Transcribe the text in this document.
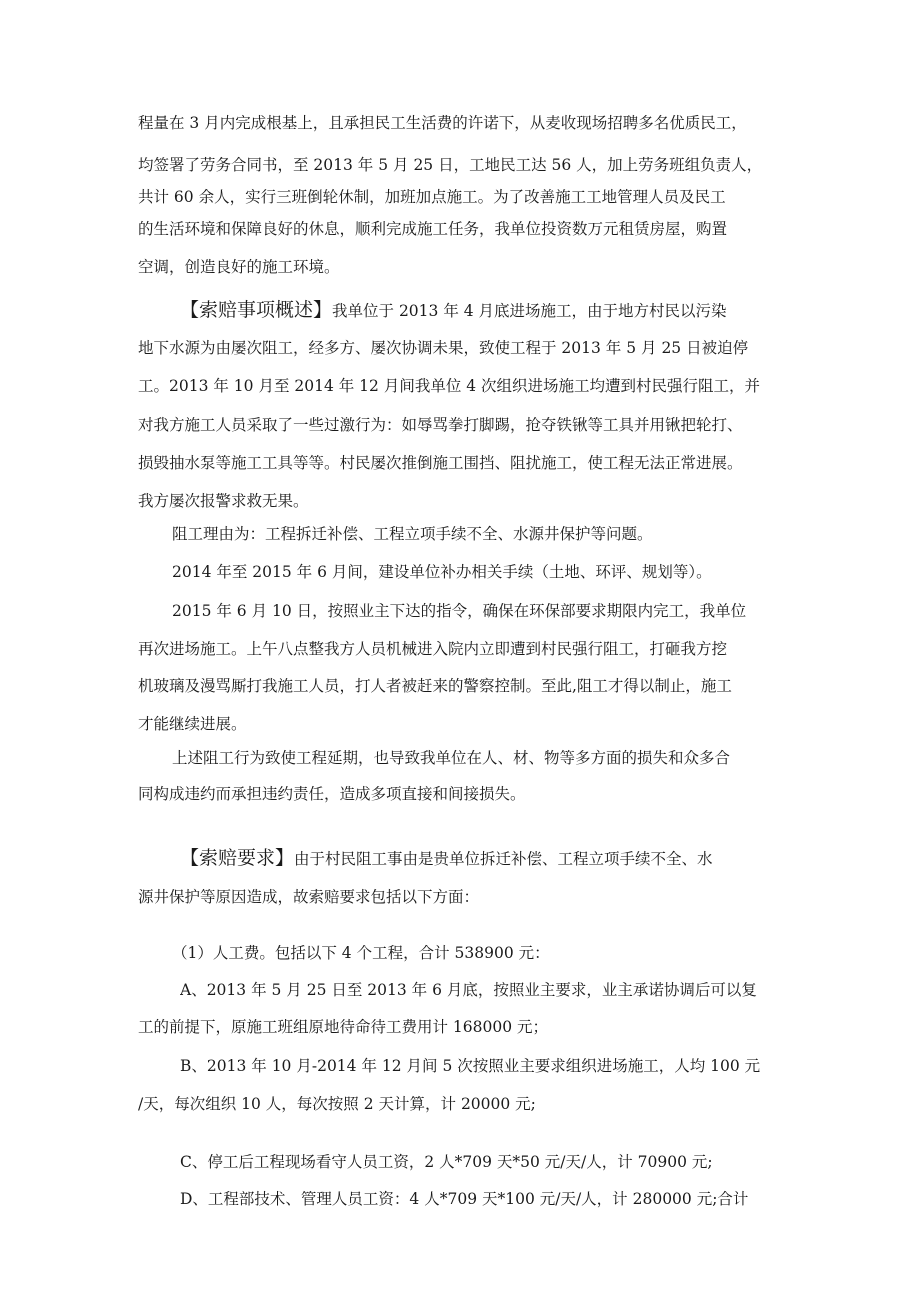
程量在 3 月内完成根基上，且承担民工生活费的许诺下，从麦收现场招聘多名优质民工，
均签署了劳务合同书，至 2013 年 5 月 25 日，工地民工达 56 人，加上劳务班组负责人，
共计 60 余人，实行三班倒轮休制，加班加点施工。为了改善施工工地管理人员及民工
的生活环境和保障良好的休息，顺利完成施工任务，我单位投资数万元租赁房屋，购置
空调，创造良好的施工环境。
【索赔事项概述】我单位于 2013 年 4 月底进场施工，由于地方村民以污染
地下水源为由屡次阻工，经多方、屡次协调未果，致使工程于 2013 年 5 月 25 日被迫停
工。2013 年 10 月至 2014 年 12 月间我单位 4 次组织进场施工均遭到村民强行阻工，并
对我方施工人员采取了一些过激行为：如辱骂拳打脚踢，抢夺铁锹等工具并用锹把轮打、
损毁抽水泵等施工工具等等。村民屡次推倒施工围挡、阻扰施工，使工程无法正常进展。
我方屡次报警求救无果。
阻工理由为：工程拆迁补偿、工程立项手续不全、水源井保护等问题。
2014 年至 2015 年 6 月间，建设单位补办相关手续（土地、环评、规划等）。
2015 年 6 月 10 日，按照业主下达的指令，确保在环保部要求期限内完工，我单位
再次进场施工。上午八点整我方人员机械进入院内立即遭到村民强行阻工，打砸我方挖
机玻璃及漫骂厮打我施工人员，打人者被赶来的警察控制。至此,阻工才得以制止，施工
才能继续进展。
上述阻工行为致使工程延期，也导致我单位在人、材、物等多方面的损失和众多合
同构成违约而承担违约责任，造成多项直接和间接损失。
【索赔要求】由于村民阻工事由是贵单位拆迁补偿、工程立项手续不全、水
源井保护等原因造成，故索赔要求包括以下方面：
（1）人工费。包括以下 4 个工程，合计 538900 元：
A、2013 年 5 月 25 日至 2013 年 6 月底，按照业主要求，业主承诺协调后可以复
工的前提下，原施工班组原地待命待工费用计 168000 元；
B、2013 年 10 月-2014 年 12 月间 5 次按照业主要求组织进场施工，人均 100 元
/天，每次组织 10 人，每次按照 2 天计算，计 20000 元;
C、停工后工程现场看守人员工资，2 人*709 天*50 元/天/人，计 70900 元;
D、工程部技术、管理人员工资：4 人*709 天*100 元/天/人，计 280000 元;合计
